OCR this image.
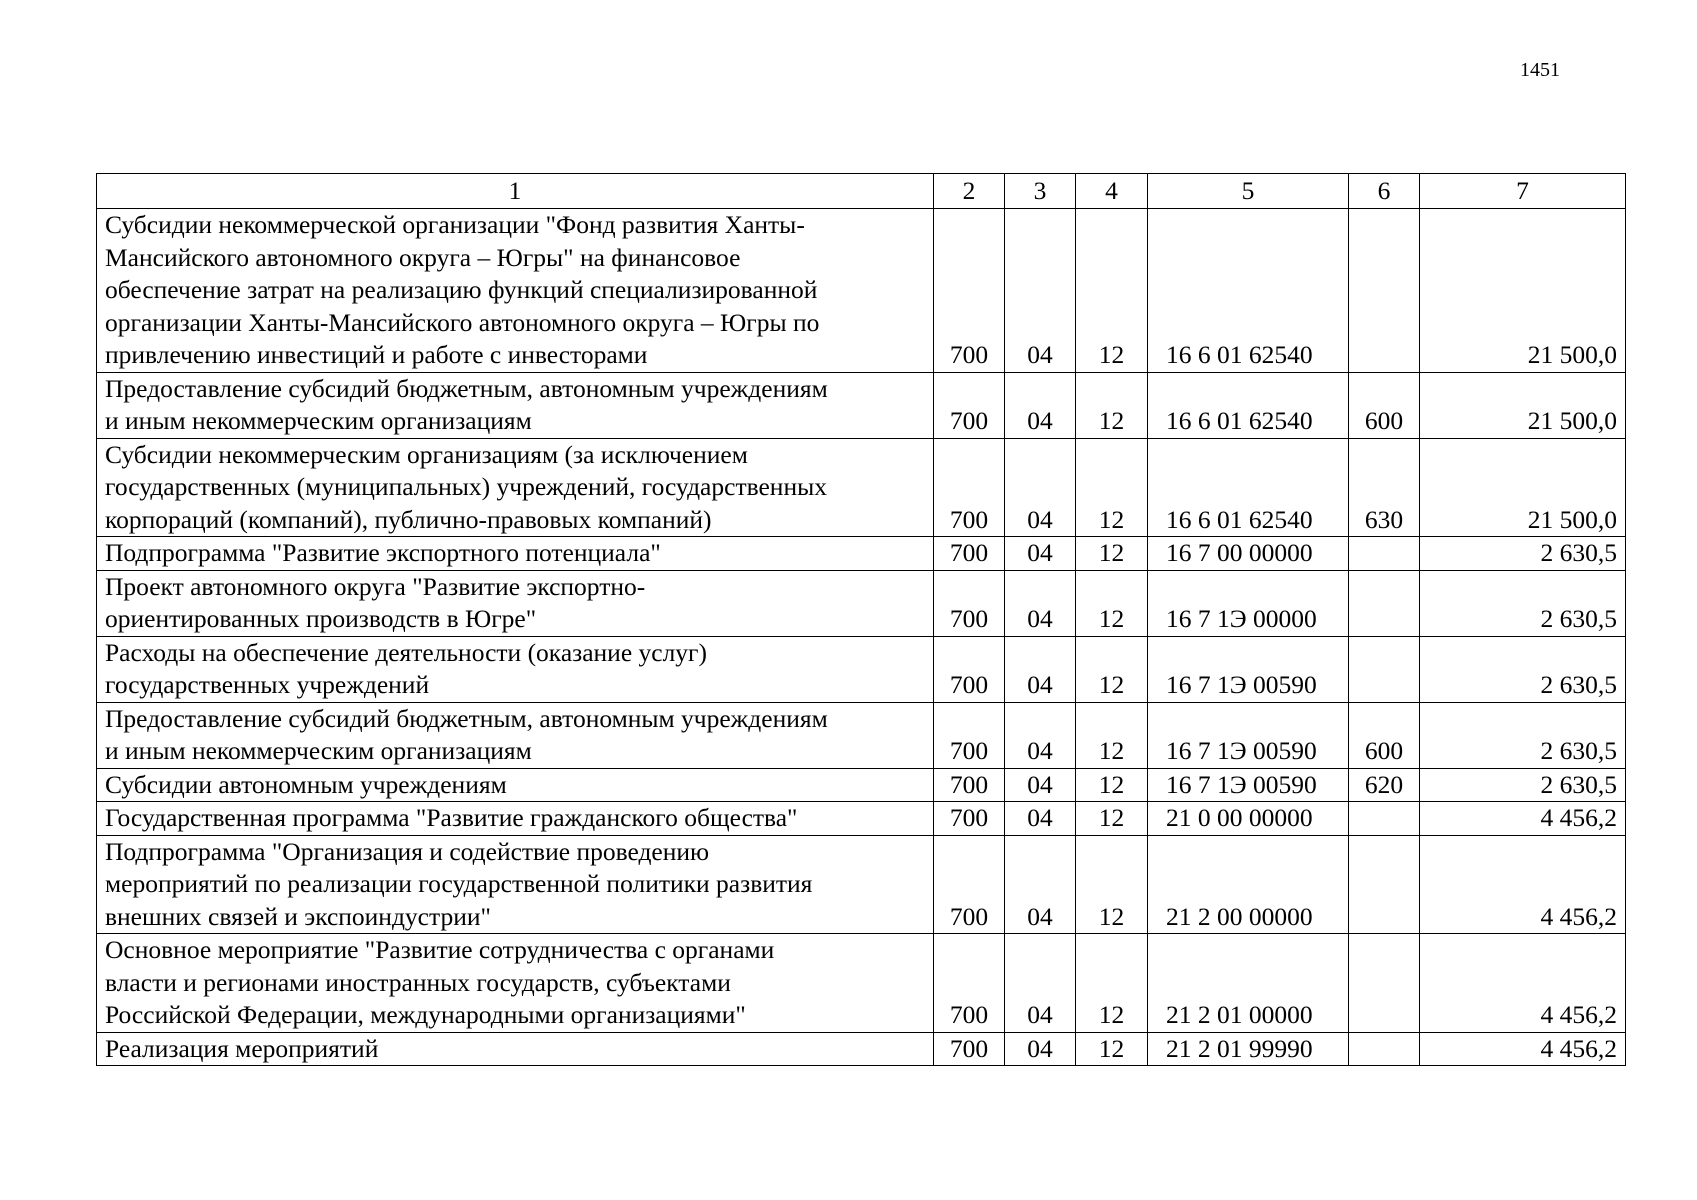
1451
1	2	3	4	5	6	7
Субсидии некоммерческой организации "Фонд развития Ханты-
Мансийского автономного округа – Югры" на финансовое
обеспечение затрат на реализацию функций специализированной
организации Ханты-Мансийского автономного округа – Югры по
привлечению инвестиций и работе с инвесторами	700	04	12	16 6 01 62540		21 500,0
Предоставление субсидий бюджетным, автономным учреждениям
и иным некоммерческим организациям	700	04	12	16 6 01 62540	600	21 500,0
Субсидии некоммерческим организациям (за исключением
государственных (муниципальных) учреждений, государственных
корпораций (компаний), публично-правовых компаний)	700	04	12	16 6 01 62540	630	21 500,0
Подпрограмма "Развитие экспортного потенциала"	700	04	12	16 7 00 00000		2 630,5
Проект автономного округа "Развитие экспортно-
ориентированных производств в Югре"	700	04	12	16 7 1Э 00000		2 630,5
Расходы на обеспечение деятельности (оказание услуг)
государственных учреждений	700	04	12	16 7 1Э 00590		2 630,5
Предоставление субсидий бюджетным, автономным учреждениям
и иным некоммерческим организациям	700	04	12	16 7 1Э 00590	600	2 630,5
Субсидии автономным учреждениям	700	04	12	16 7 1Э 00590	620	2 630,5
Государственная программа "Развитие гражданского общества"	700	04	12	21 0 00 00000		4 456,2
Подпрограмма "Организация и содействие проведению
мероприятий по реализации государственной политики развития
внешних связей и экспоиндустрии"	700	04	12	21 2 00 00000		4 456,2
Основное мероприятие "Развитие сотрудничества с органами
власти и регионами иностранных государств, субъектами
Российской Федерации, международными организациями"	700	04	12	21 2 01 00000		4 456,2
Реализация мероприятий	700	04	12	21 2 01 99990		4 456,2
